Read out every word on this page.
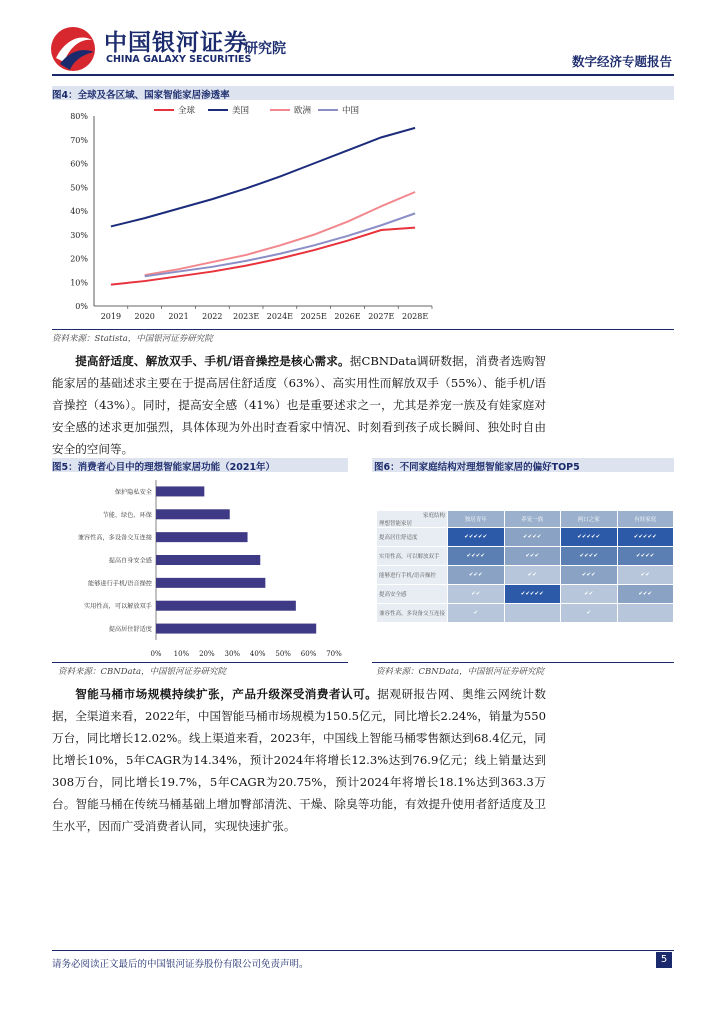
中国银河证券
CHINA GALAXY SECURITIES
研究院
数字经济专题报告
图4：全球及各区域、国家智能家居渗透率
0%
10%
20%
30%
40%
50%
60%
70%
80%
2019 2020 2021 2022 2023E 2024E 2025E 2026E 2027E 2028E
全球	美国	欧洲	中国
资料来源：Statista，中国银河证券研究院
提高舒适度、解放双手、手机/语音操控是核心需求。据CBNData调研数据，消费者选购智能家居的基础述求主要在于提高居住舒适度（63%）、高实用性而解放双手（55%）、能手机/语音操控（43%）。同时，提高安全感（41%）也是重要述求之一，尤其是养宠一族及有娃家庭对安全感的述求更加强烈，具体体现为外出时查看家中情况、时刻看到孩子成长瞬间、独处时自由安全的空间等。
图5：消费者心目中的理想智能家居功能（2021年）
保护隐私安全
节能、绿色、环保
兼容性高，多设备交互连接
提高自身安全感
能够进行手机/语音操控
实用性高，可以解放双手
提高居住舒适度
0% 10% 20% 30% 40% 50% 60% 70%
资料来源：CBNData，中国银河证券研究院
图6：不同家庭结构对理想智能家居的偏好TOP5
家庭结构
理想智能家居	独居青年	养宠一族	两口之家	有娃家庭
提高居住舒适度	✔✔✔✔✔	✔✔✔✔	✔✔✔✔✔	✔✔✔✔✔
实用性高，可以解放双手	✔✔✔✔	✔✔✔	✔✔✔✔	✔✔✔✔
能够进行手机/语音操控	✔✔✔	✔✔	✔✔✔	✔✔
提高安全感	✔✔	✔✔✔✔✔	✔✔	✔✔✔
兼容性高，多设备交互连接	✔		✔	
资料来源：CBNData，中国银河证券研究院
智能马桶市场规模持续扩张，产品升级深受消费者认可。据观研报告网、奥维云网统计数据，全渠道来看，2022年，中国智能马桶市场规模为150.5亿元，同比增长2.24%，销量为550万台，同比增长12.02%。线上渠道来看，2023年，中国线上智能马桶零售额达到68.4亿元，同比增长10%，5年CAGR为14.34%，预计2024年将增长12.3%达到76.9亿元；线上销量达到308万台，同比增长19.7%，5年CAGR为20.75%，预计2024年将增长18.1%达到363.3万台。智能马桶在传统马桶基础上增加臀部清洗、干燥、除臭等功能，有效提升使用者舒适度及卫生水平，因而广受消费者认同，实现快速扩张。
请务必阅读正文最后的中国银河证券股份有限公司免责声明。	5
